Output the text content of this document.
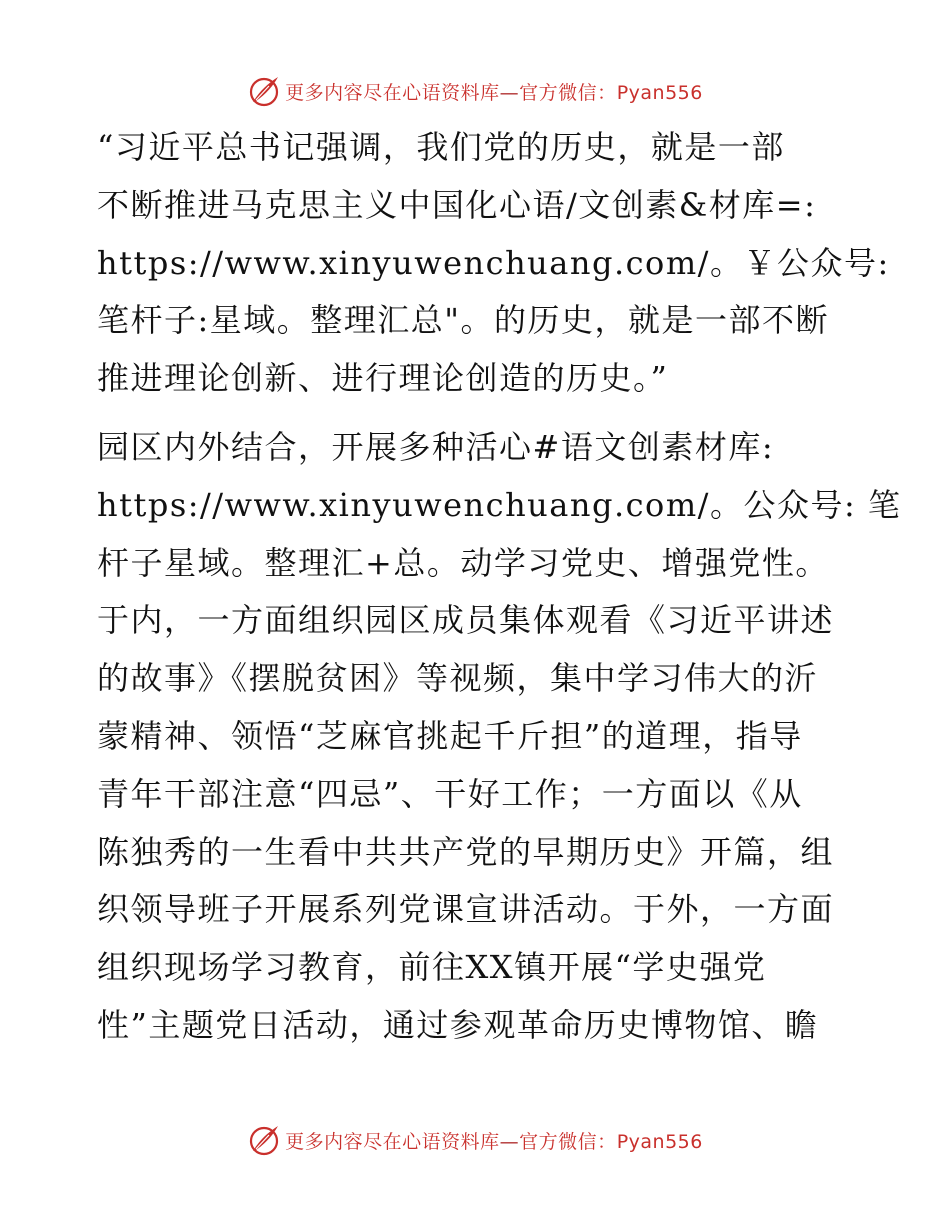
更多内容尽在心语资料库—官方微信：Pyan556
“习近平总书记强调，我们党的历史，就是一部
不断推进马克思主义中国化心语/文创素&材库=:
https://www.xinyuwenchuang.com/。￥公众号:
笔杆子:星域。整理汇总"。的历史，就是一部不断
推进理论创新、进行理论创造的历史。”
园区内外结合，开展多种活心#语文创素材库:
https://www.xinyuwenchuang.com/。公众号: 笔
杆子星域。整理汇+总。动学习党史、增强党性。
于内，一方面组织园区成员集体观看《习近平讲述
的故事》《摆脱贫困》等视频，集中学习伟大的沂
蒙精神、领悟“芝麻官挑起千斤担”的道理，指导
青年干部注意“四忌”、干好工作；一方面以《从
陈独秀的一生看中共共产党的早期历史》开篇，组
织领导班子开展系列党课宣讲活动。于外，一方面
组织现场学习教育，前往XX镇开展“学史强党
性”主题党日活动，通过参观革命历史博物馆、瞻
更多内容尽在心语资料库—官方微信：Pyan556
